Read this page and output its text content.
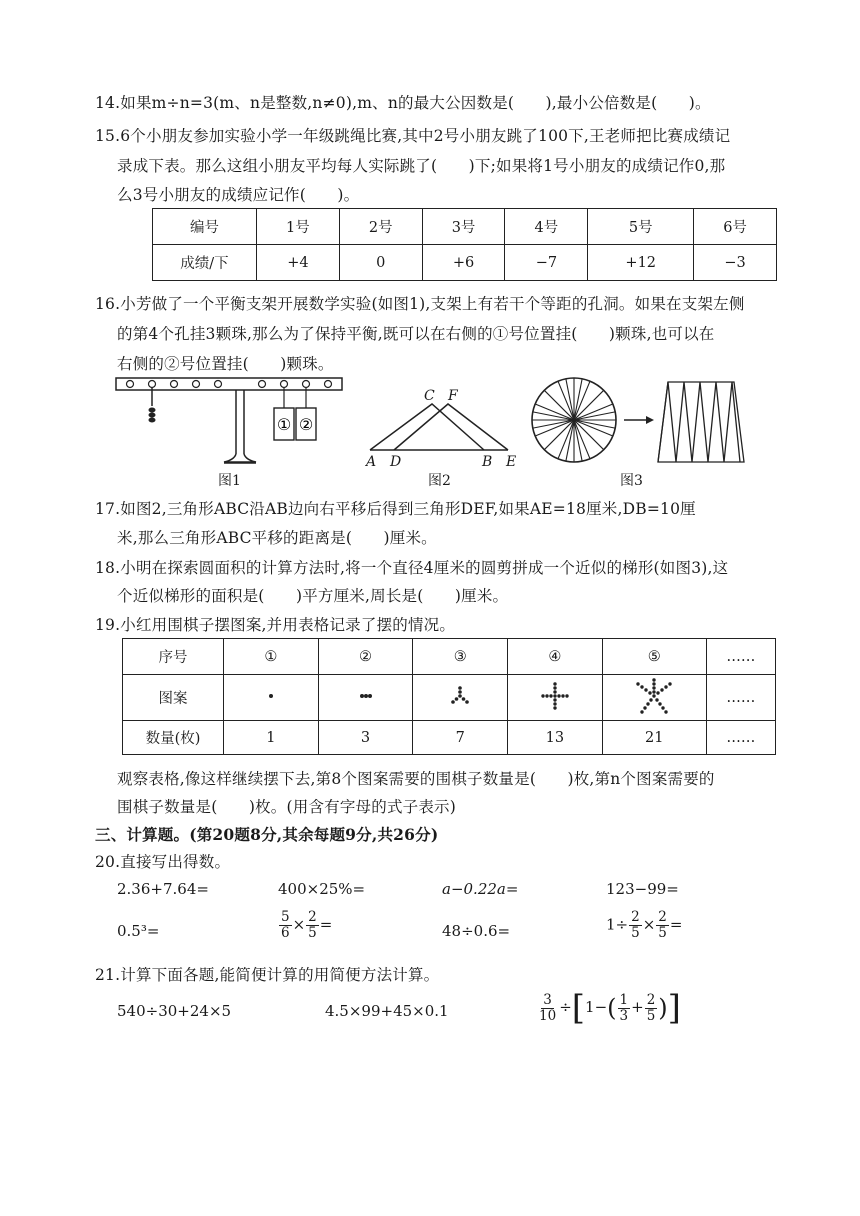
14.如果m÷n=3(m、n是整数,n≠0),m、n的最大公因数是(　　),最小公倍数是(　　)。
15.6个小朋友参加实验小学一年级跳绳比赛,其中2号小朋友跳了100下,王老师把比赛成绩记
录成下表。那么这组小朋友平均每人实际跳了(　　)下;如果将1号小朋友的成绩记作0,那
么3号小朋友的成绩应记作(　　)。
编号	1号	2号	3号	4号	5号	6号
成绩/下	+4	0	+6	−7	+12	−3
16.小芳做了一个平衡支架开展数学实验(如图1),支架上有若干个等距的孔洞。如果在支架左侧
的第4个孔挂3颗珠,那么为了保持平衡,既可以在右侧的①号位置挂(　　)颗珠,也可以在
右侧的②号位置挂(　　)颗珠。
① ②
图1
C F
A D	B E
图2	图3
17.如图2,三角形ABC沿AB边向右平移后得到三角形DEF,如果AE=18厘米,DB=10厘
米,那么三角形ABC平移的距离是(　　)厘米。
18.小明在探索圆面积的计算方法时,将一个直径4厘米的圆剪拼成一个近似的梯形(如图3),这
个近似梯形的面积是(　　)平方厘米,周长是(　　)厘米。
19.小红用围棋子摆图案,并用表格记录了摆的情况。
序号	①	②	③	④	⑤	……
图案						……
数量(枚)	1	3	7	13	21	……
观察表格,像这样继续摆下去,第8个图案需要的围棋子数量是(　　)枚,第n个图案需要的
围棋子数量是(　　)枚。(用含有字母的式子表示)
三、计算题。(第20题8分,其余每题9分,共26分)
20.直接写出得数。
2.36+7.64=	400×25%=	a−0.22a=	123−99=
0.5³=	$\frac{5}{6} \times \frac{2}{5}$ =	48÷0.6=	$1\div \frac{2}{5} \times \frac{2}{5}$ =
21.计算下面各题,能简便计算的用简便方法计算。
540÷30+24×5	4.5×99+45×0.1	$\frac{3}{10} \div[1-( \frac{1}{3} + \frac{2}{5}$ )]
